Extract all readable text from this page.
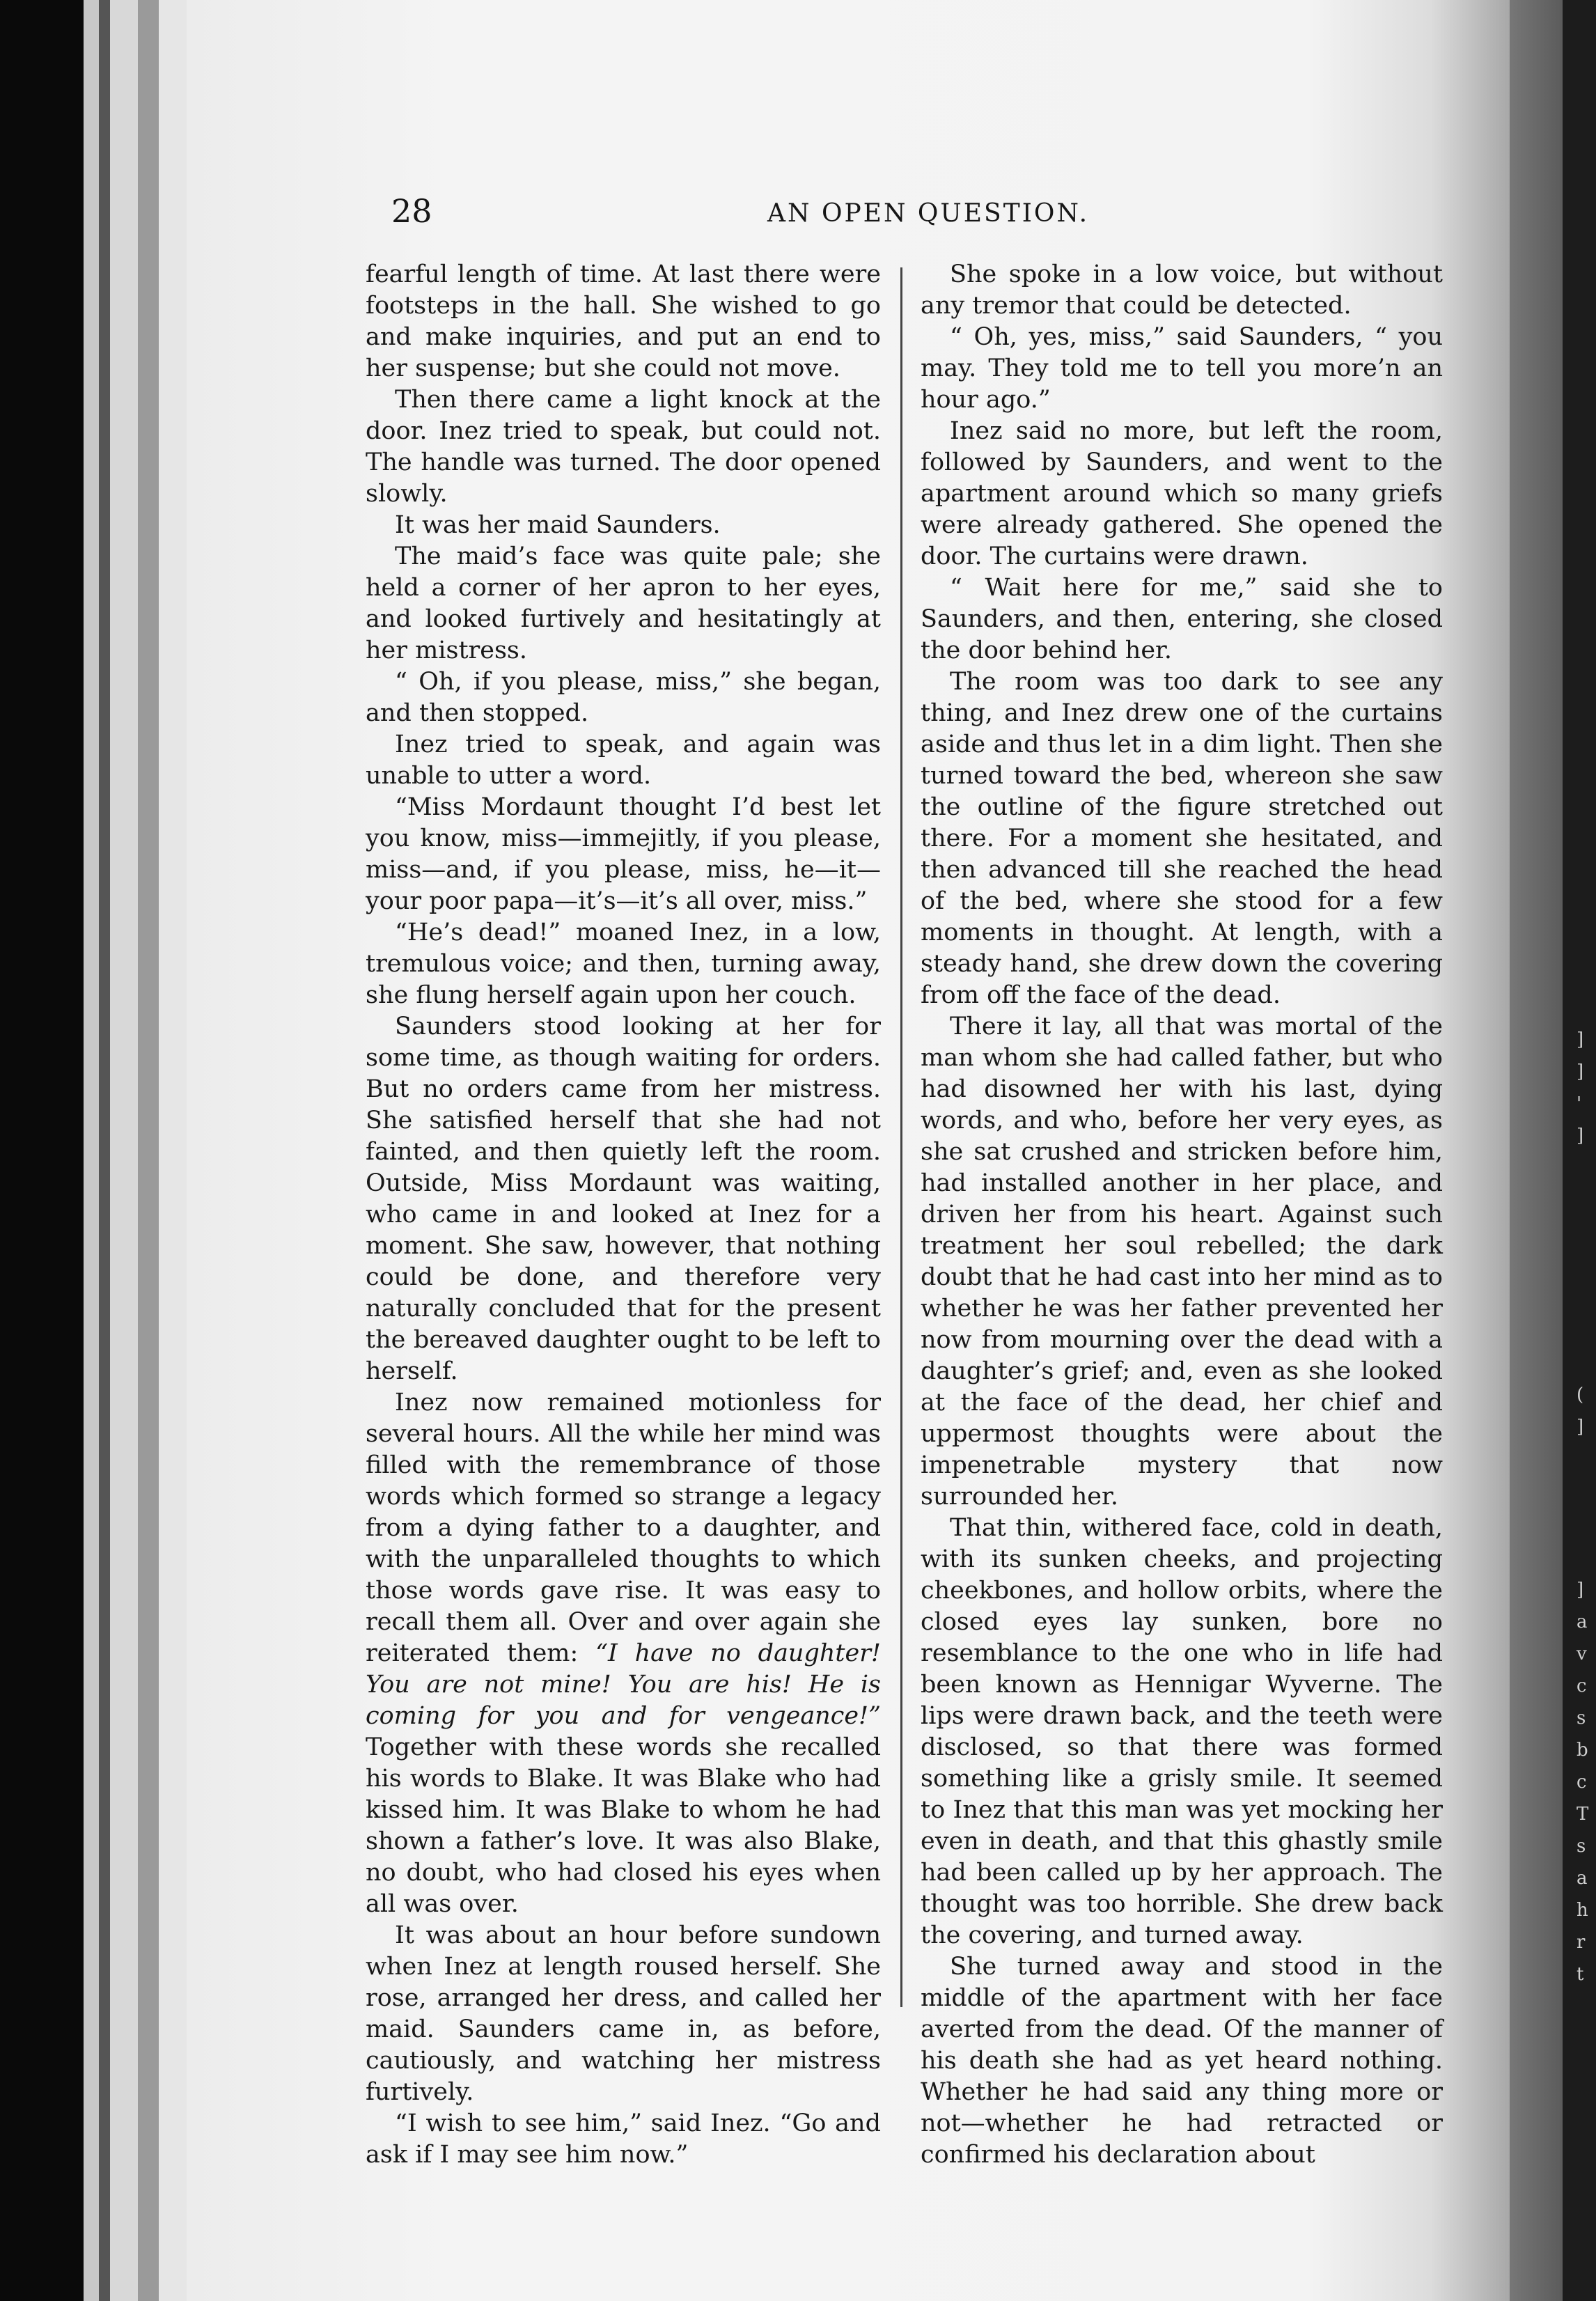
28	AN OPEN QUESTION.

fearful length of time. At last there were footsteps in the hall. She wished to go and make inquiries, and put an end to her suspense; but she could not move.

Then there came a light knock at the door. Inez tried to speak, but could not. The handle was turned. The door opened slowly.

It was her maid Saunders.

The maid’s face was quite pale; she held a corner of her apron to her eyes, and looked furtively and hesitatingly at her mistress.

“ Oh, if you please, miss,” she began, and then stopped.

Inez tried to speak, and again was unable to utter a word.

“Miss Mordaunt thought I’d best let you know, miss—immejitly, if you please, miss—and, if you please, miss, he—it—your poor papa—it’s—it’s all over, miss.”

“He’s dead!” moaned Inez, in a low, tremulous voice; and then, turning away, she flung herself again upon her couch.

Saunders stood looking at her for some time, as though waiting for orders. But no orders came from her mistress. She satisfied herself that she had not fainted, and then quietly left the room. Outside, Miss Mordaunt was waiting, who came in and looked at Inez for a moment. She saw, however, that nothing could be done, and therefore very naturally concluded that for the present the bereaved daughter ought to be left to herself.

Inez now remained motionless for several hours. All the while her mind was filled with the remembrance of those words which formed so strange a legacy from a dying father to a daughter, and with the unparalleled thoughts to which those words gave rise. It was easy to recall them all. Over and over again she reiterated them: “I have no daughter! You are not mine! You are his! He is coming for you and for vengeance!” Together with these words she recalled his words to Blake. It was Blake who had kissed him. It was Blake to whom he had shown a father’s love. It was also Blake, no doubt, who had closed his eyes when all was over.

It was about an hour before sundown when Inez at length roused herself. She rose, arranged her dress, and called her maid. Saunders came in, as before, cautiously, and watching her mistress furtively.

“I wish to see him,” said Inez. “Go and ask if I may see him now.”

She spoke in a low voice, but without any tremor that could be detected.

“ Oh, yes, miss,” said Saunders, “ you may. They told me to tell you more’n an hour ago.”

Inez said no more, but left the room, followed by Saunders, and went to the apartment around which so many griefs were already gathered. She opened the door. The curtains were drawn.

“ Wait here for me,” said she to Saunders, and then, entering, she closed the door behind her.

The room was too dark to see any thing, and Inez drew one of the curtains aside and thus let in a dim light. Then she turned toward the bed, whereon she saw the outline of the figure stretched out there. For a moment she hesitated, and then advanced till she reached the head of the bed, where she stood for a few moments in thought. At length, with a steady hand, she drew down the covering from off the face of the dead.

There it lay, all that was mortal of the man whom she had called father, but who had disowned her with his last, dying words, and who, before her very eyes, as she sat crushed and stricken before him, had installed another in her place, and driven her from his heart. Against such treatment her soul rebelled; the dark doubt that he had cast into her mind as to whether he was her father prevented her now from mourning over the dead with a daughter’s grief; and, even as she looked at the face of the dead, her chief and uppermost thoughts were about the impenetrable mystery that now surrounded her.

That thin, withered face, cold in death, with its sunken cheeks, and projecting cheekbones, and hollow orbits, where the closed eyes lay sunken, bore no resemblance to the one who in life had been known as Hennigar Wyverne. The lips were drawn back, and the teeth were disclosed, so that there was formed something like a grisly smile. It seemed to Inez that this man was yet mocking her even in death, and that this ghastly smile had been called up by her approach. The thought was too horrible. She drew back the covering, and turned away.

She turned away and stood in the middle of the apartment with her face averted from the dead. Of the manner of his death she had as yet heard nothing. Whether he had said any thing more or not—whether he had retracted or confirmed his declaration about

]
]
'
]
(
]
]
a
v
c
s
b
c
T
s
a
h
r
t
